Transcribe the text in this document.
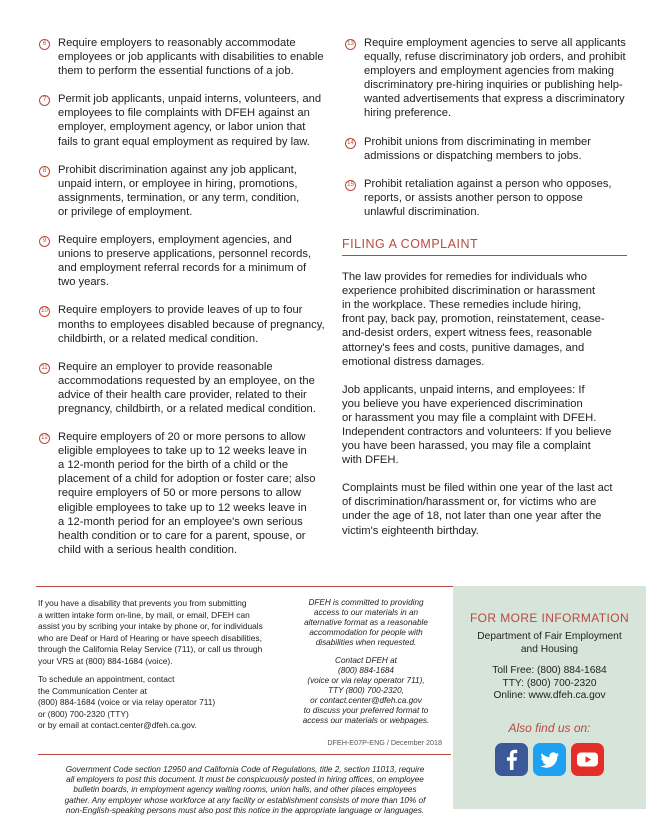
6	Require employers to reasonably accommodate
employees or job applicants with disabilities to enable
them to perform the essential functions of a job.
7	Permit job applicants, unpaid interns, volunteers, and
employees to file complaints with DFEH against an
employer, employment agency, or labor union that
fails to grant equal employment as required by law.
8	Prohibit discrimination against any job applicant,
unpaid intern, or employee in hiring, promotions,
assignments, termination, or any term, condition,
or privilege of employment.
9	Require employers, employment agencies, and
unions to preserve applications, personnel records,
and employment referral records for a minimum of
two years.
10 Require employers to provide leaves of up to four
months to employees disabled because of pregnancy,
childbirth, or a related medical condition.
11 Require an employer to provide reasonable
accommodations requested by an employee, on the
advice of their health care provider, related to their
pregnancy, childbirth, or a related medical condition.
12 Require employers of 20 or more persons to allow
eligible employees to take up to 12 weeks leave in
a 12-month period for the birth of a child or the
placement of a child for adoption or foster care; also
require employers of 50 or more persons to allow
eligible employees to take up to 12 weeks leave in
a 12-month period for an employee's own serious
health condition or to care for a parent, spouse, or
child with a serious health condition.
13 Require employment agencies to serve all applicants
equally, refuse discriminatory job orders, and prohibit
employers and employment agencies from making
discriminatory pre-hiring inquiries or publishing help-
wanted advertisements that express a discriminatory
hiring preference.
14 Prohibit unions from discriminating in member
admissions or dispatching members to jobs.
15 Prohibit retaliation against a person who opposes,
reports, or assists another person to oppose
unlawful discrimination.
FILING A COMPLAINT
The law provides for remedies for individuals who
experience prohibited discrimination or harassment
in the workplace. These remedies include hiring,
front pay, back pay, promotion, reinstatement, cease-
and-desist orders, expert witness fees, reasonable
attorney's fees and costs, punitive damages, and
emotional distress damages.
Job applicants, unpaid interns, and employees: If
you believe you have experienced discrimination
or harassment you may file a complaint with DFEH.
Independent contractors and volunteers: If you believe
you have been harassed, you may file a complaint
with DFEH.
Complaints must be filed within one year of the last act
of discrimination/harassment or, for victims who are
under the age of 18, not later than one year after the
victim's eighteenth birthday.
If you have a disability that prevents you from submitting
a written intake form on-line, by mail, or email, DFEH can
assist you by scribing your intake by phone or, for individuals
who are Deaf or Hard of Hearing or have speech disabilities,
through the California Relay Service (711), or call us through
your VRS at (800) 884-1684 (voice).
To schedule an appointment, contact
the Communication Center at
(800) 884-1684 (voice or via relay operator 711)
or (800) 700-2320 (TTY)
or by email at contact.center@dfeh.ca.gov.
DFEH is committed to providing
access to our materials in an
alternative format as a reasonable
accommodation for people with
disabilities when requested.
Contact DFEH at
(800) 884-1684
(voice or via relay operator 711),
TTY (800) 700-2320,
or contact.center@dfeh.ca.gov
to discuss your preferred format to
access our materials or webpages.
DFEH-E07P-ENG / December 2018
FOR MORE INFORMATION
Department of Fair Employment
and Housing
Toll Free: (800) 884-1684
TTY: (800) 700-2320
Online: www.dfeh.ca.gov
Also find us on:
Government Code section 12950 and California Code of Regulations, title 2, section 11013, require
all employers to post this document. It must be conspicuously posted in hiring offices, on employee
bulletin boards, in employment agency waiting rooms, union halls, and other places employees
gather. Any employer whose workforce at any facility or establishment consists of more than 10% of
non-English-speaking persons must also post this notice in the appropriate language or languages.
